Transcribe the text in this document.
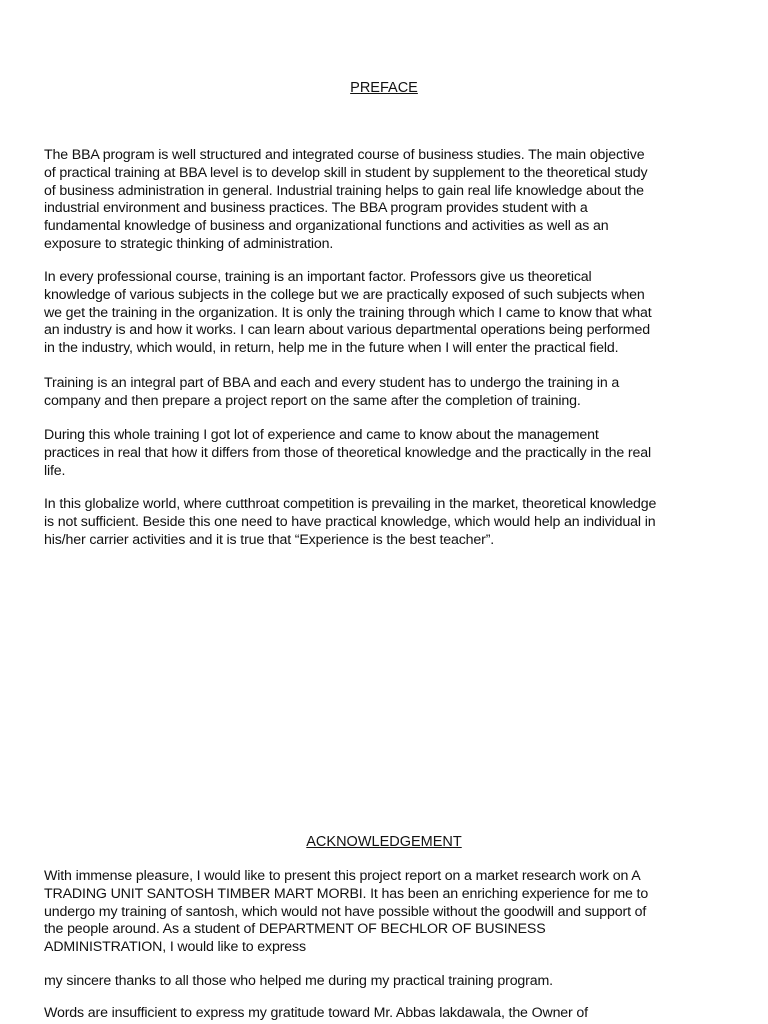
PREFACE
The BBA program is well structured and integrated course of business studies. The main objective
of practical training at BBA level is to develop skill in student by supplement to the theoretical study
of business administration in general. Industrial training helps to gain real life knowledge about the
industrial environment and business practices. The BBA program provides student with a
fundamental knowledge of business and organizational functions and activities as well as an
exposure to strategic thinking of administration.
In every professional course, training is an important factor. Professors give us theoretical
knowledge of various subjects in the college but we are practically exposed of such subjects when
we get the training in the organization. It is only the training through which I came to know that what
an industry is and how it works. I can learn about various departmental operations being performed
in the industry, which would, in return, help me in the future when I will enter the practical field.
Training is an integral part of BBA and each and every student has to undergo the training in a
company and then prepare a project report on the same after the completion of training.
During this whole training I got lot of experience and came to know about the management
practices in real that how it differs from those of theoretical knowledge and the practically in the real
life.
In this globalize world, where cutthroat competition is prevailing in the market, theoretical knowledge
is not sufficient. Beside this one need to have practical knowledge, which would help an individual in
his/her carrier activities and it is true that “Experience is the best teacher”.
ACKNOWLEDGEMENT
With immense pleasure, I would like to present this project report on a market research work on A
TRADING UNIT SANTOSH TIMBER MART MORBI. It has been an enriching experience for me to
undergo my training of santosh, which would not have possible without the goodwill and support of
the people around. As a student of DEPARTMENT OF BECHLOR OF BUSINESS
ADMINISTRATION, I would like to express
my sincere thanks to all those who helped me during my practical training program.
Words are insufficient to express my gratitude toward Mr. Abbas lakdawala, the Owner of
